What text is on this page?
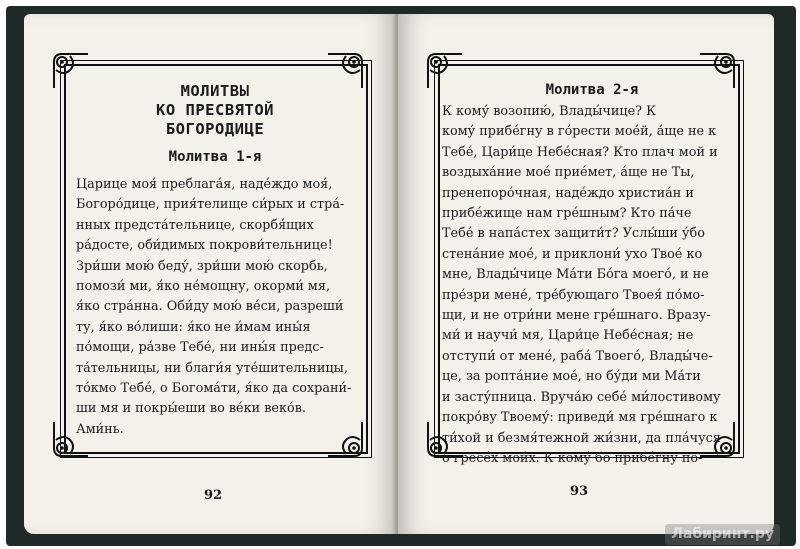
МОЛИТВЫ
КО ПРЕСВЯТОЙ
БОГОРОДИЦЕ
Молитва 1-я
Царице моя́ преблага́я, наде́ждо моя́,
Богоро́дице, прия́телище си́рых и стра́-
нных предста́тельнице, скорбя́щих
ра́досте, оби́димых покрови́тельнице!
Зри́ши мою́ беду́, зри́ши мою́ скорбь,
помози́ ми, я́ко не́мощну, окорми́ мя,
я́ко стра́нна. Оби́ду мою́ ве́си, разреши́
ту, я́ко во́лиши: я́ко не и́мам ины́я
по́мощи, ра́зве Тебе́, ни ины́я предс-
та́тельницы, ни благи́я уте́шительницы,
то́кмо Тебе́, о Богома́ти, я́ко да сохрани́-
ши мя и покры́еши во ве́ки веко́в.
Ами́нь.
92
Молитва 2-я
К кому́ возопию́, Влады́чице? К
кому́ прибе́гну в го́рести мое́й, а́ще не к
Тебе́, Цари́це Небе́сная? Кто плач мой и
воздыха́ние мое́ приéмет, а́ще не Ты,
пренепоро́чная, наде́ждо христиа́н и
прибе́жище нам гре́шным? Кто па́че
Тебе́ в напа́стех защити́т? Услы́ши у́бо
стена́ние мое́, и приклони́ ухо Твое́ ко
мне, Влады́чице Ма́ти Бо́га моего́, и не
пре́зри мене́, тре́бующаго Твоея́ по́мо-
щи, и не отри́ни мене гре́шнаго. Вразу-
ми́ и научи́ мя, Цари́це Небе́сная; не
отступи́ от мене́, раба́ Твоего́, Влады́че-
це, за ропта́ние мое́, но бу́ди ми Ма́ти
и засту́пница. Вруча́ю себе́ ми́лостивому
покро́ву Твоему́: приведи́ мя гре́шнаго к
ти́хой и безмя́тежной жи́зни, да пла́чуся
о гресе́х мои́х. К кому́ бо прибе́гну по-
93
Лабиринт.ру
